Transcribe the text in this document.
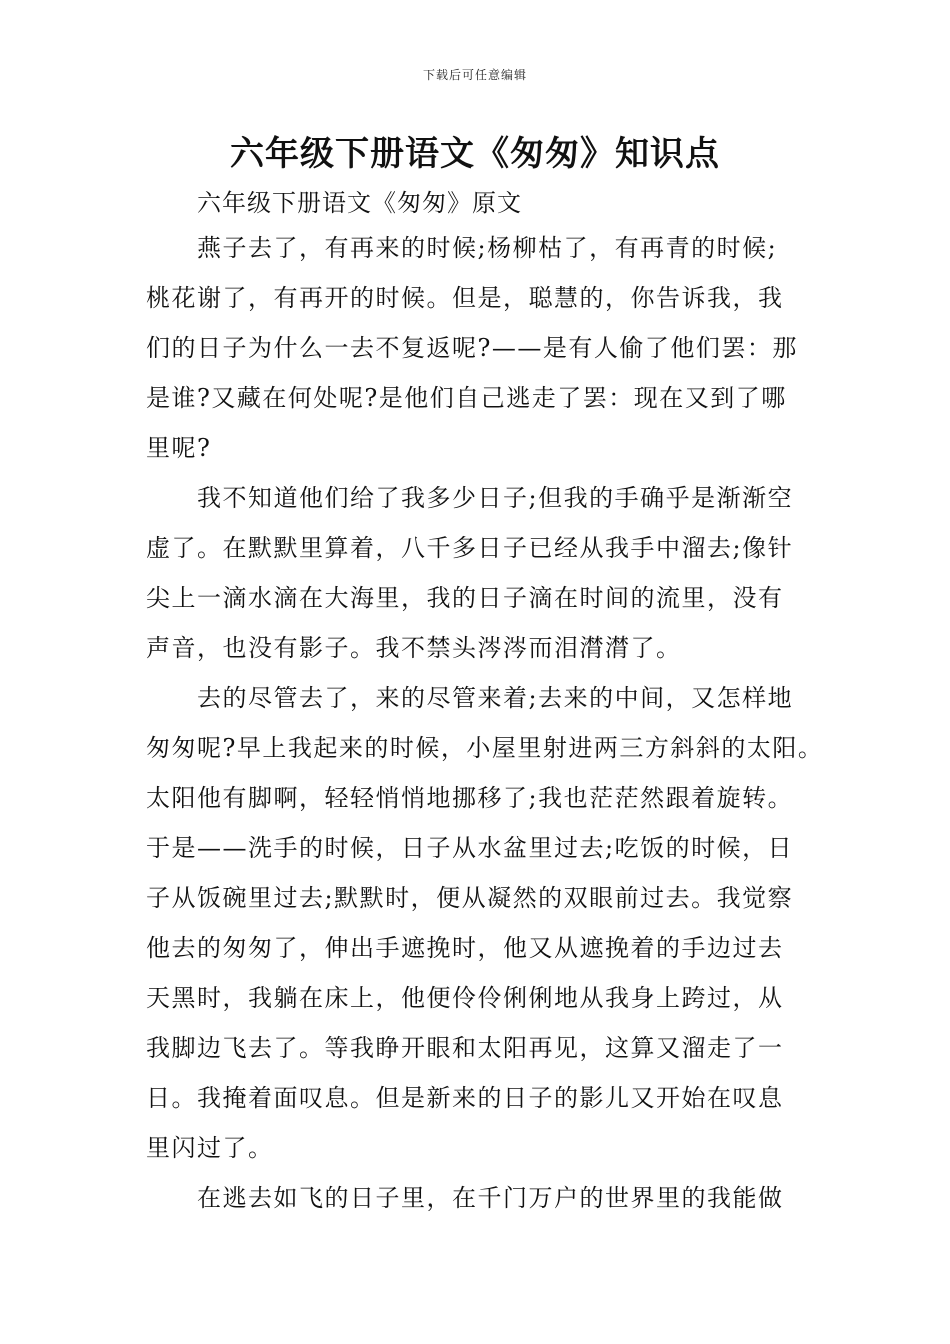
下载后可任意编辑
六年级下册语文《匆匆》知识点

六年级下册语文《匆匆》原文

燕子去了，有再来的时候;杨柳枯了，有再青的时候;

桃花谢了，有再开的时候。但是，聪慧的，你告诉我，我

们的日子为什么一去不复返呢?——是有人偷了他们罢：那

是谁?又藏在何处呢?是他们自己逃走了罢：现在又到了哪

里呢?

我不知道他们给了我多少日子;但我的手确乎是渐渐空

虚了。在默默里算着，八千多日子已经从我手中溜去;像针

尖上一滴水滴在大海里，我的日子滴在时间的流里，没有

声音，也没有影子。我不禁头涔涔而泪潸潸了。

去的尽管去了，来的尽管来着;去来的中间，又怎样地

匆匆呢?早上我起来的时候，小屋里射进两三方斜斜的太阳。

太阳他有脚啊，轻轻悄悄地挪移了;我也茫茫然跟着旋转。

于是——洗手的时候，日子从水盆里过去;吃饭的时候，日

子从饭碗里过去;默默时，便从凝然的双眼前过去。我觉察

他去的匆匆了，伸出手遮挽时，他又从遮挽着的手边过去

天黑时，我躺在床上，他便伶伶俐俐地从我身上跨过，从

我脚边飞去了。等我睁开眼和太阳再见，这算又溜走了一

日。我掩着面叹息。但是新来的日子的影儿又开始在叹息

里闪过了。

在逃去如飞的日子里，在千门万户的世界里的我能做
